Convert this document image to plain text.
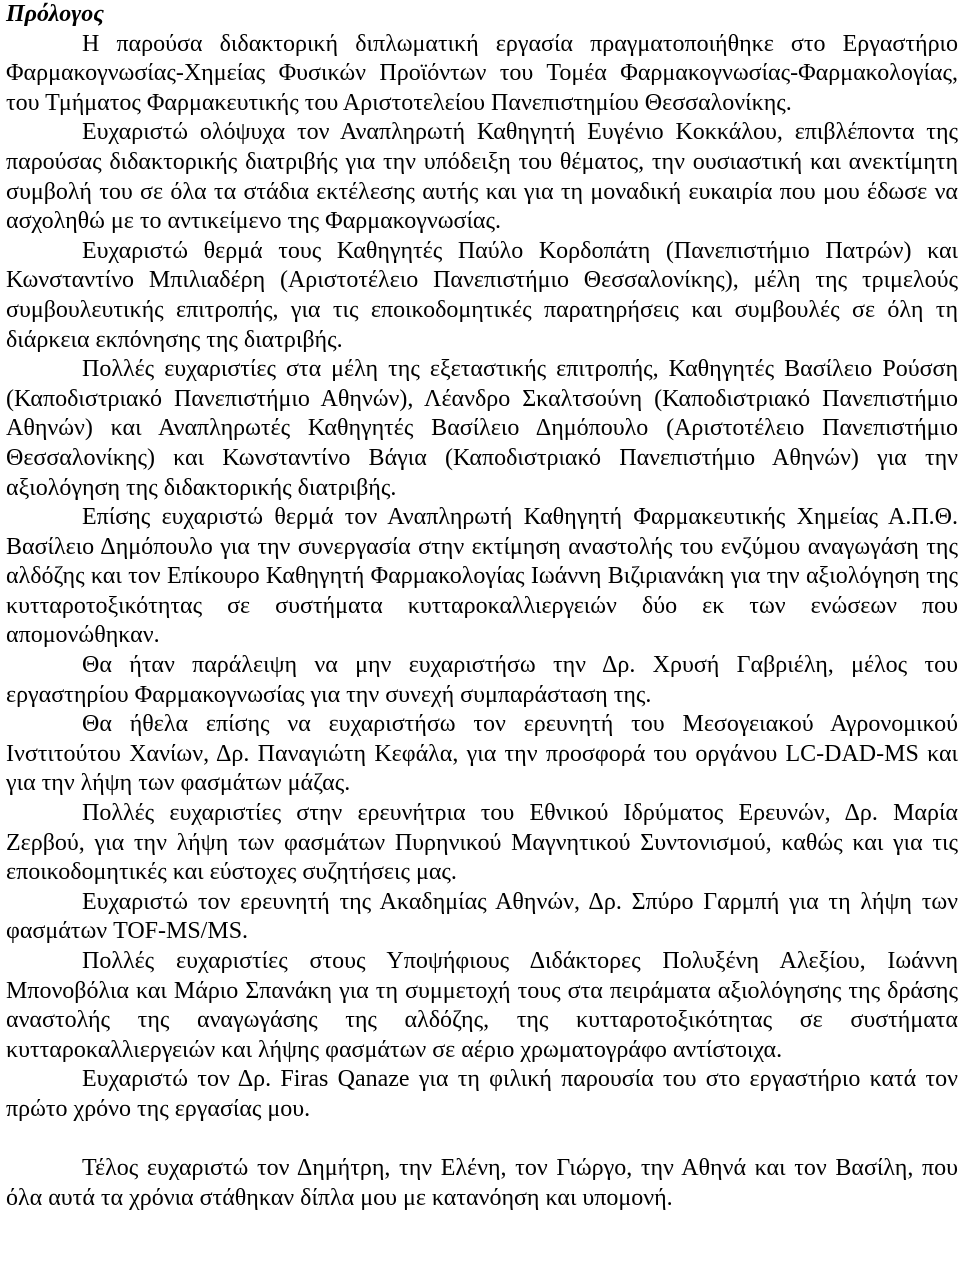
Πρόλογος

Η παρούσα διδακτορική διπλωματική εργασία πραγματοποιήθηκε στο Εργαστήριο Φαρμακογνωσίας-Χημείας Φυσικών Προϊόντων του Τομέα Φαρμακογνωσίας-Φαρμακολογίας, του Τμήματος Φαρμακευτικής του Αριστοτελείου Πανεπιστημίου Θεσσαλονίκης.

Ευχαριστώ ολόψυχα τον Αναπληρωτή Καθηγητή Ευγένιο Κοκκάλου, επιβλέποντα της παρούσας διδακτορικής διατριβής για την υπόδειξη του θέματος, την ουσιαστική και ανεκτίμητη συμβολή του σε όλα τα στάδια εκτέλεσης αυτής και για τη μοναδική ευκαιρία που μου έδωσε να ασχοληθώ με το αντικείμενο της Φαρμακογνωσίας.

Ευχαριστώ θερμά τους Καθηγητές Παύλο Κορδοπάτη (Πανεπιστήμιο Πατρών) και Κωνσταντίνο Μπιλιαδέρη (Αριστοτέλειο Πανεπιστήμιο Θεσσαλονίκης), μέλη της τριμελούς συμβουλευτικής επιτροπής, για τις εποικοδομητικές παρατηρήσεις και συμβουλές σε όλη τη διάρκεια εκπόνησης της διατριβής.

Πολλές ευχαριστίες στα μέλη της εξεταστικής επιτροπής, Καθηγητές Βασίλειο Ρούσση (Καποδιστριακό Πανεπιστήμιο Αθηνών), Λέανδρο Σκαλτσούνη (Καποδιστριακό Πανεπιστήμιο Αθηνών) και Αναπληρωτές Καθηγητές Βασίλειο Δημόπουλο (Αριστοτέλειο Πανεπιστήμιο Θεσσαλονίκης) και Κωνσταντίνο Βάγια (Καποδιστριακό Πανεπιστήμιο Αθηνών) για την αξιολόγηση της διδακτορικής διατριβής.

Επίσης ευχαριστώ θερμά τον Αναπληρωτή Καθηγητή Φαρμακευτικής Χημείας Α.Π.Θ. Βασίλειο Δημόπουλο για την συνεργασία στην εκτίμηση αναστολής του ενζύμου αναγωγάση της αλδόζης και τον Επίκουρο Καθηγητή Φαρμακολογίας Ιωάννη Βιζιριανάκη για την αξιολόγηση της κυτταροτοξικότητας σε συστήματα κυτταροκαλλιεργειών δύο εκ των ενώσεων που απομονώθηκαν.

Θα ήταν παράλειψη να μην ευχαριστήσω την Δρ. Χρυσή Γαβριέλη, μέλος του εργαστηρίου Φαρμακογνωσίας για την συνεχή συμπαράσταση της.

Θα ήθελα επίσης να ευχαριστήσω τον ερευνητή του Μεσογειακού Αγρονομικού Ινστιτούτου Χανίων, Δρ. Παναγιώτη Κεφάλα, για την προσφορά του οργάνου LC-DAD-MS και για την λήψη των φασμάτων μάζας.

Πολλές ευχαριστίες στην ερευνήτρια του Εθνικού Ιδρύματος Ερευνών, Δρ. Μαρία Ζερβού, για την λήψη των φασμάτων Πυρηνικού Μαγνητικού Συντονισμού, καθώς και για τις εποικοδομητικές και εύστοχες συζητήσεις μας.

Ευχαριστώ τον ερευνητή της Ακαδημίας Αθηνών, Δρ. Σπύρο Γαρμπή για τη λήψη των φασμάτων TOF-MS/MS.

Πολλές ευχαριστίες στους Υποψήφιους Διδάκτορες Πολυξένη Αλεξίου, Ιωάννη Μπονοβόλια και Μάριο Σπανάκη για τη συμμετοχή τους στα πειράματα αξιολόγησης της δράσης αναστολής της αναγωγάσης της αλδόζης, της κυτταροτοξικότητας σε συστήματα κυτταροκαλλιεργειών και λήψης φασμάτων σε αέριο χρωματογράφο αντίστοιχα.

Ευχαριστώ τον Δρ. Firas Qanaze για τη φιλική παρουσία του στο εργαστήριο κατά τον πρώτο χρόνο της εργασίας μου.

Τέλος ευχαριστώ τον Δημήτρη, την Ελένη, τον Γιώργο, την Αθηνά και τον Βασίλη, που όλα αυτά τα χρόνια στάθηκαν δίπλα μου με κατανόηση και υπομονή.
